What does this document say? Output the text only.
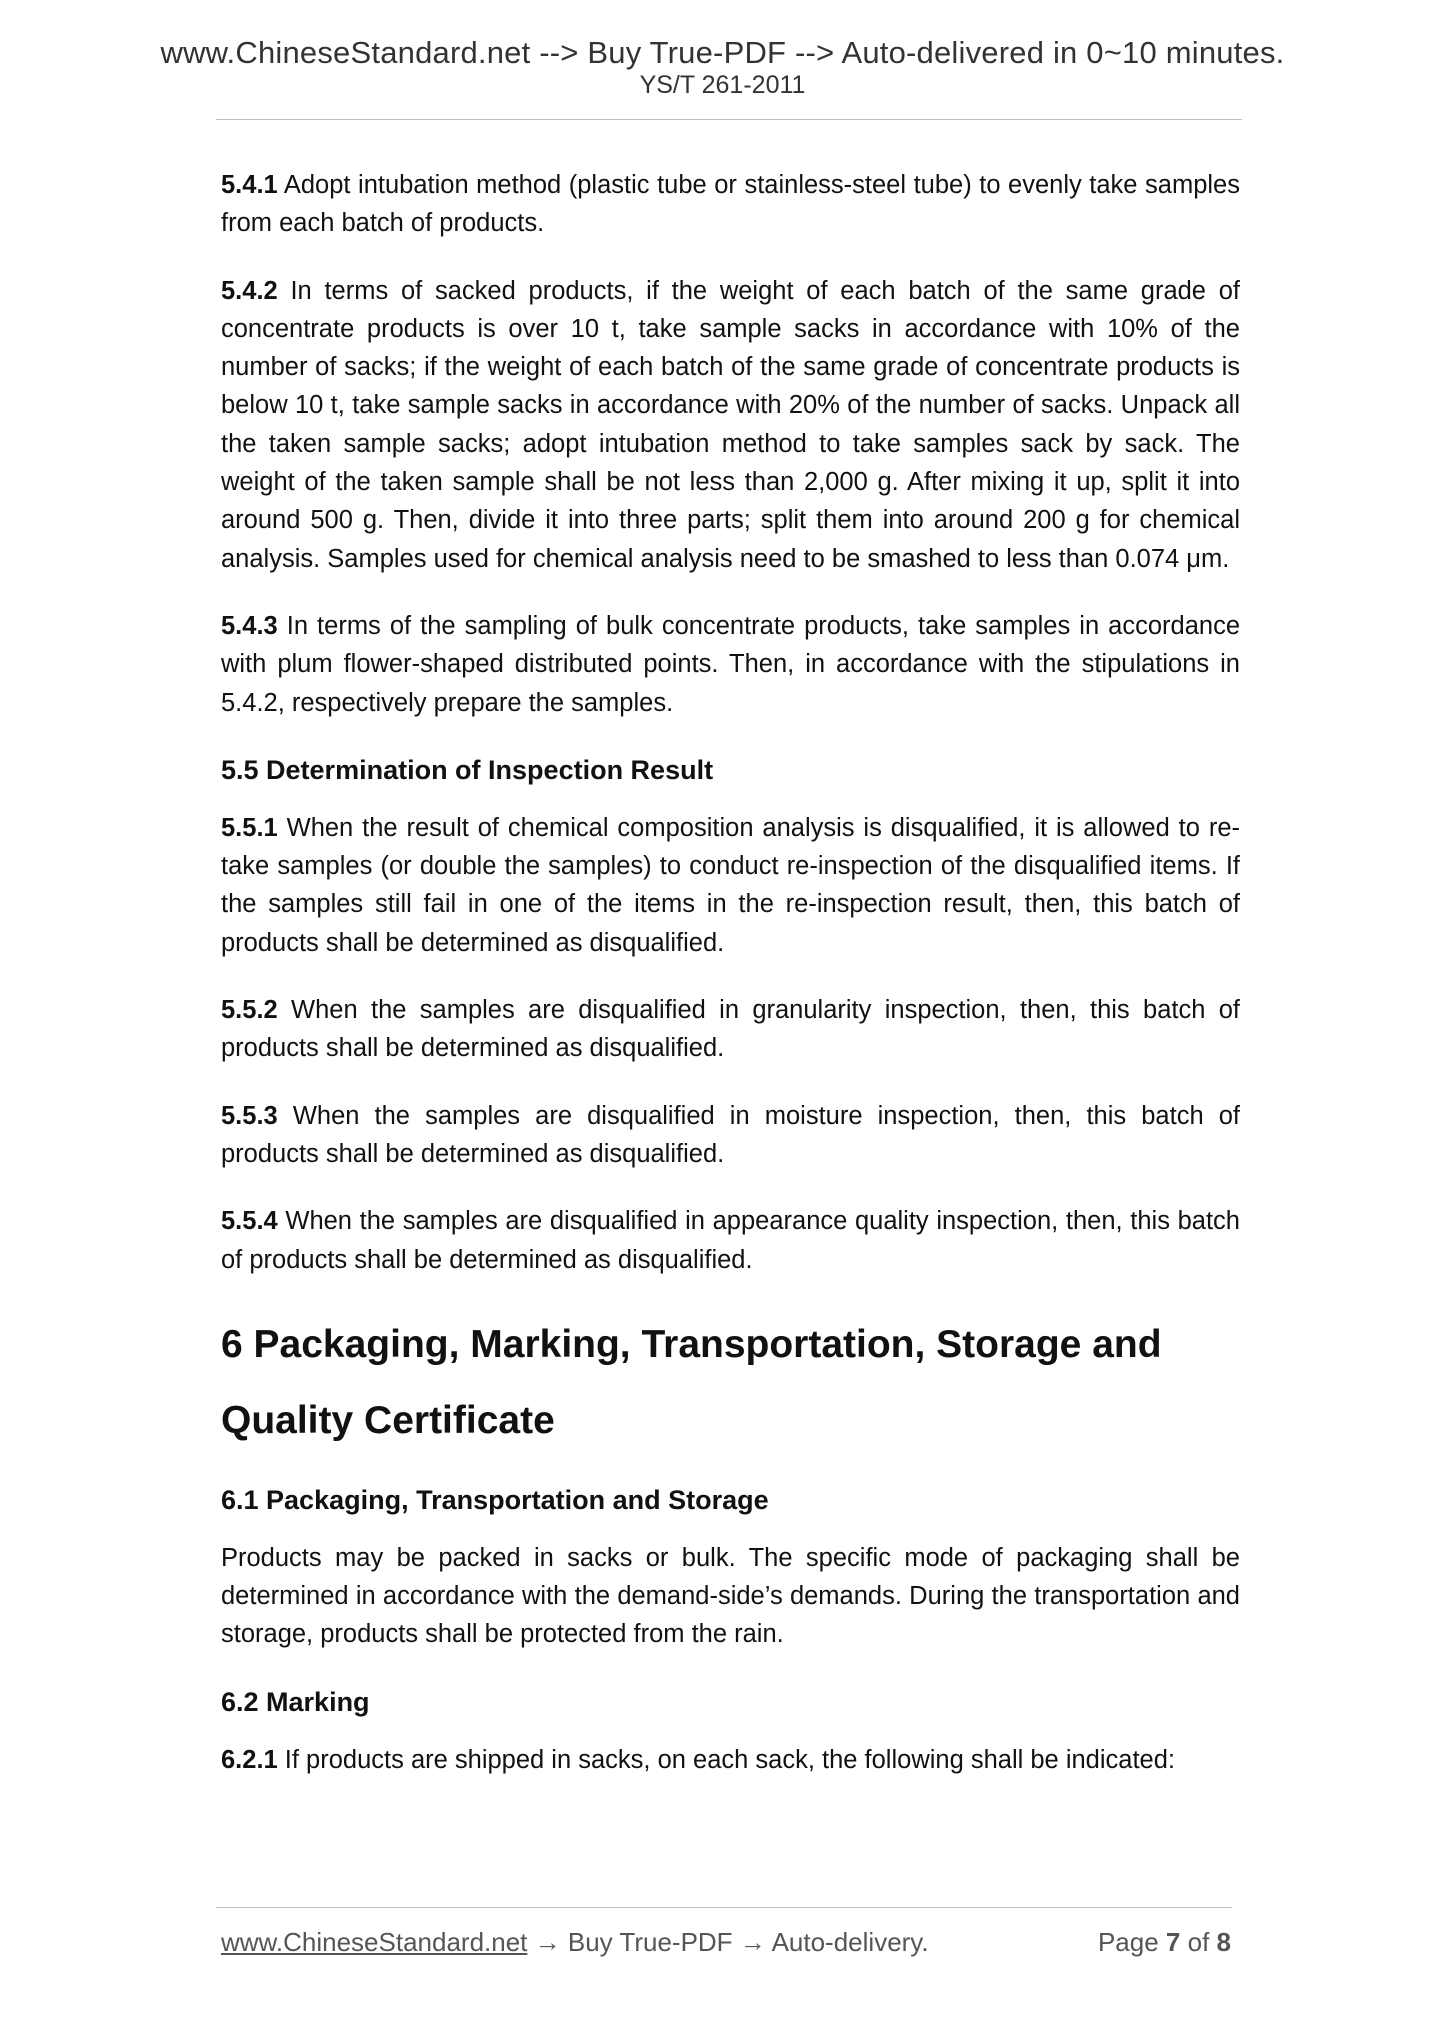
www.ChineseStandard.net --> Buy True-PDF --> Auto-delivered in 0~10 minutes.
YS/T 261-2011

5.4.1 Adopt intubation method (plastic tube or stainless-steel tube) to evenly take samples from each batch of products.

5.4.2 In terms of sacked products, if the weight of each batch of the same grade of concentrate products is over 10 t, take sample sacks in accordance with 10% of the number of sacks; if the weight of each batch of the same grade of concentrate products is below 10 t, take sample sacks in accordance with 20% of the number of sacks. Unpack all the taken sample sacks; adopt intubation method to take samples sack by sack. The weight of the taken sample shall be not less than 2,000 g. After mixing it up, split it into around 500 g. Then, divide it into three parts; split them into around 200 g for chemical analysis. Samples used for chemical analysis need to be smashed to less than 0.074 μm.

5.4.3 In terms of the sampling of bulk concentrate products, take samples in accordance with plum flower-shaped distributed points. Then, in accordance with the stipulations in 5.4.2, respectively prepare the samples.

5.5 Determination of Inspection Result

5.5.1 When the result of chemical composition analysis is disqualified, it is allowed to re-take samples (or double the samples) to conduct re-inspection of the disqualified items. If the samples still fail in one of the items in the re-inspection result, then, this batch of products shall be determined as disqualified.

5.5.2 When the samples are disqualified in granularity inspection, then, this batch of products shall be determined as disqualified.

5.5.3 When the samples are disqualified in moisture inspection, then, this batch of products shall be determined as disqualified.

5.5.4 When the samples are disqualified in appearance quality inspection, then, this batch of products shall be determined as disqualified.

6 Packaging, Marking, Transportation, Storage and
Quality Certificate
6.1 Packaging, Transportation and Storage

Products may be packed in sacks or bulk. The specific mode of packaging shall be determined in accordance with the demand-side’s demands. During the transportation and storage, products shall be protected from the rain.

6.2 Marking

6.2.1 If products are shipped in sacks, on each sack, the following shall be indicated:

www.ChineseStandard.net → Buy True-PDF → Auto-delivery.	Page 7 of 8
